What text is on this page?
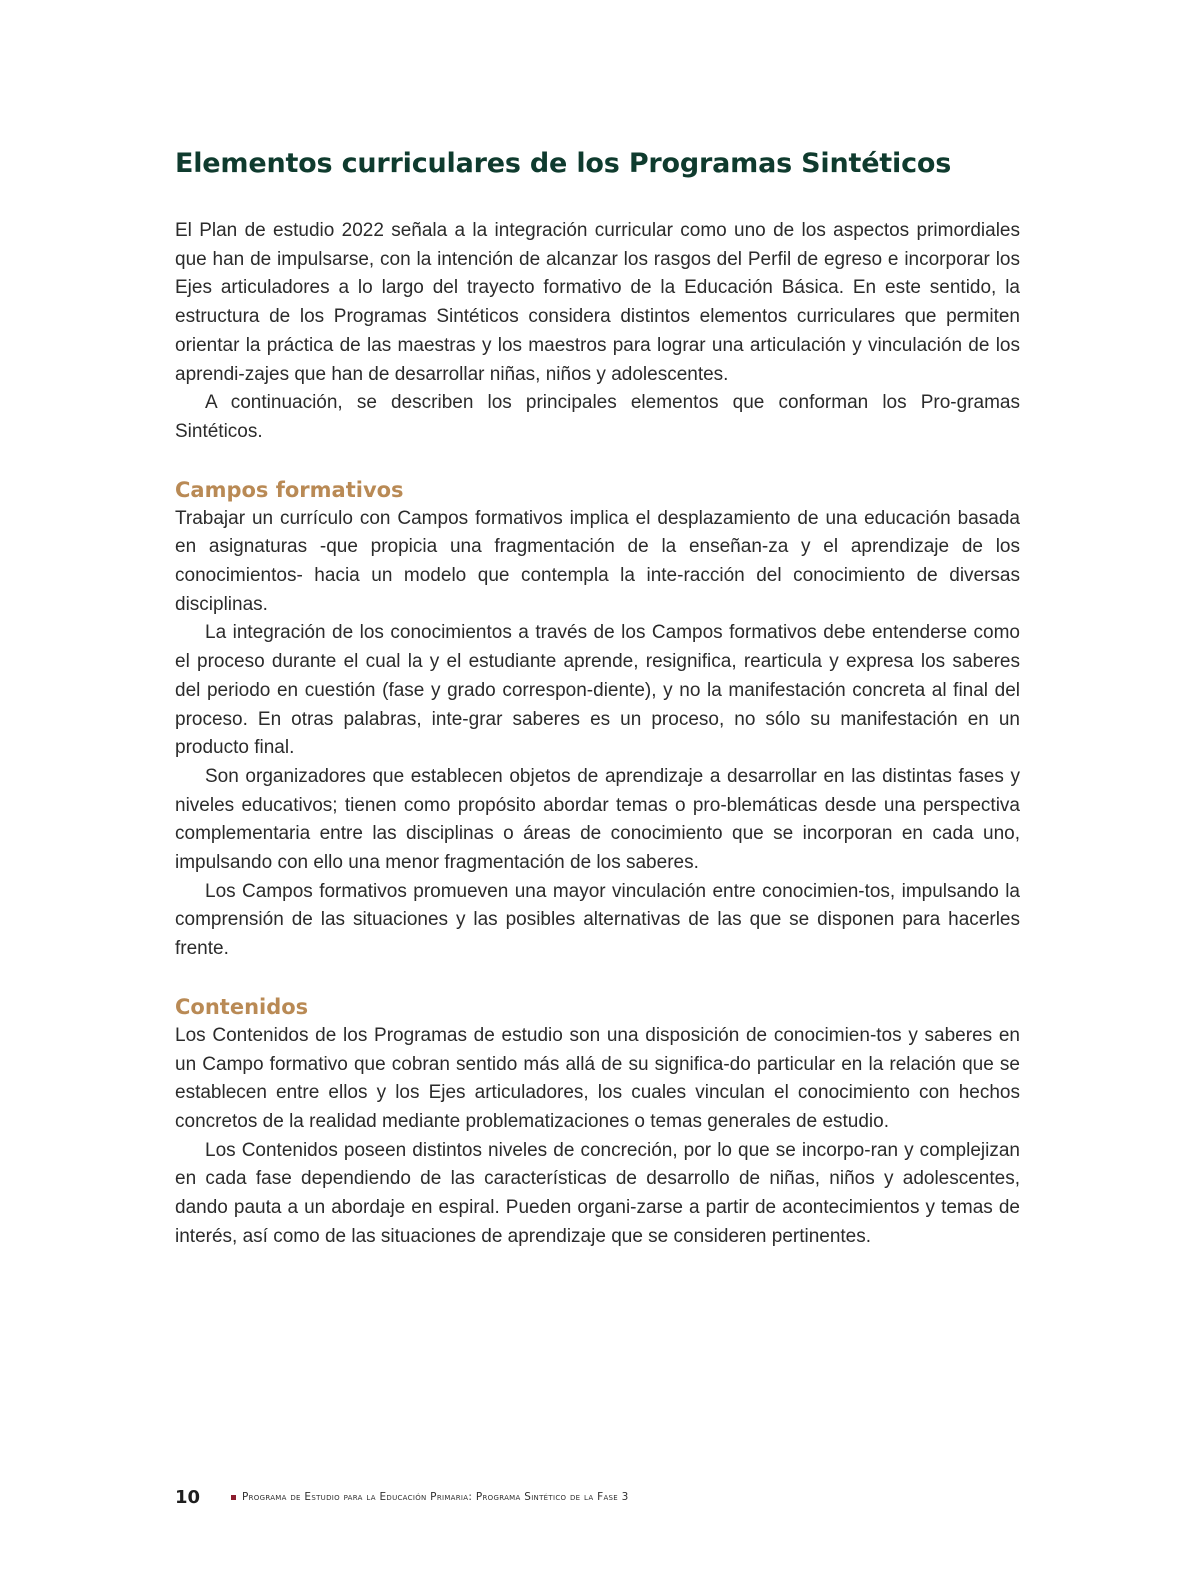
Elementos curriculares de los Programas Sintéticos

El Plan de estudio 2022 señala a la integración curricular como uno de los aspectos primordiales que han de impulsarse, con la intención de alcanzar los rasgos del Perfil de egreso e incorporar los Ejes articuladores a lo largo del trayecto formativo de la Educación Básica. En este sentido, la estructura de los Programas Sintéticos considera distintos elementos curriculares que permiten orientar la práctica de las maestras y los maestros para lograr una articulación y vinculación de los aprendi-zajes que han de desarrollar niñas, niños y adolescentes.

A continuación, se describen los principales elementos que conforman los Pro-gramas Sintéticos.

Campos formativos

Trabajar un currículo con Campos formativos implica el desplazamiento de una educación basada en asignaturas -que propicia una fragmentación de la enseñan-za y el aprendizaje de los conocimientos- hacia un modelo que contempla la inte-racción del conocimiento de diversas disciplinas.

La integración de los conocimientos a través de los Campos formativos debe entenderse como el proceso durante el cual la y el estudiante aprende, resignifica, rearticula y expresa los saberes del periodo en cuestión (fase y grado correspon-diente), y no la manifestación concreta al final del proceso. En otras palabras, inte-grar saberes es un proceso, no sólo su manifestación en un producto final.

Son organizadores que establecen objetos de aprendizaje a desarrollar en las distintas fases y niveles educativos; tienen como propósito abordar temas o pro-blemáticas desde una perspectiva complementaria entre las disciplinas o áreas de conocimiento que se incorporan en cada uno, impulsando con ello una menor fragmentación de los saberes.

Los Campos formativos promueven una mayor vinculación entre conocimien-tos, impulsando la comprensión de las situaciones y las posibles alternativas de las que se disponen para hacerles frente.

Contenidos

Los Contenidos de los Programas de estudio son una disposición de conocimien-tos y saberes en un Campo formativo que cobran sentido más allá de su significa-do particular en la relación que se establecen entre ellos y los Ejes articuladores, los cuales vinculan el conocimiento con hechos concretos de la realidad mediante problematizaciones o temas generales de estudio.

Los Contenidos poseen distintos niveles de concreción, por lo que se incorpo-ran y complejizan en cada fase dependiendo de las características de desarrollo de niñas, niños y adolescentes, dando pauta a un abordaje en espiral. Pueden organi-zarse a partir de acontecimientos y temas de interés, así como de las situaciones de aprendizaje que se consideren pertinentes.

10	Programa de Estudio para la Educación Primaria: Programa Sintético de la Fase 3
